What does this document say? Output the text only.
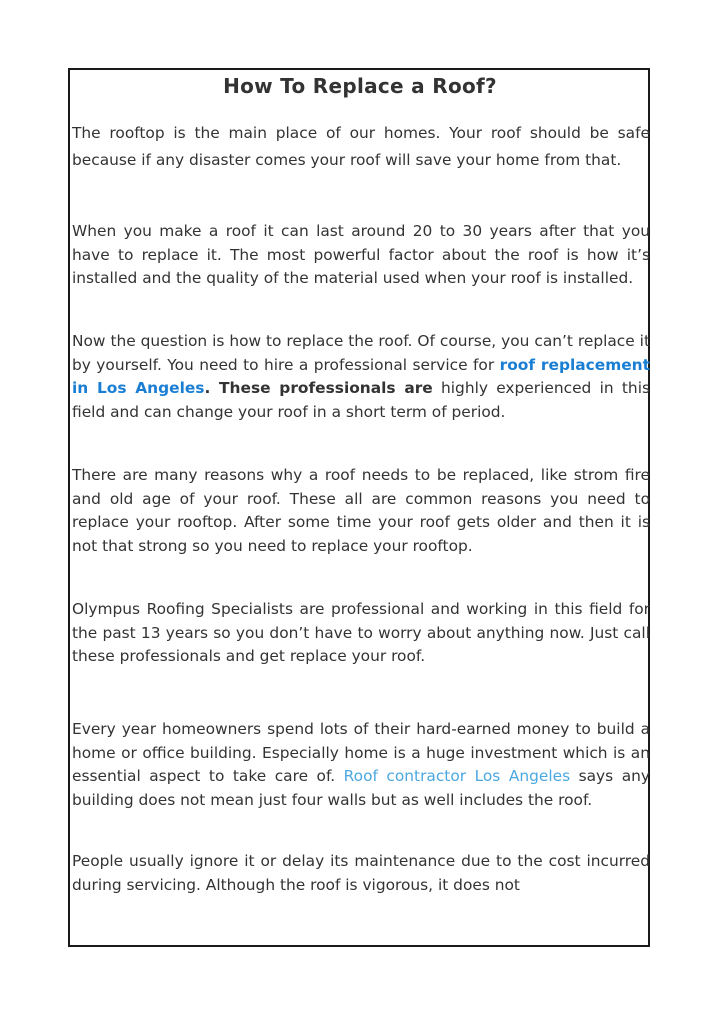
How To Replace a Roof?

The rooftop is the main place of our homes. Your roof should be safe because if any disaster comes your roof will save your home from that.

When you make a roof it can last around 20 to 30 years after that you have to replace it. The most powerful factor about the roof is how it’s installed and the quality of the material used when your roof is installed.

Now the question is how to replace the roof. Of course, you can’t replace it by yourself. You need to hire a professional service for roof replacement in Los Angeles. These professionals are highly experienced in this field and can change your roof in a short term of period.

There are many reasons why a roof needs to be replaced, like strom fire and old age of your roof. These all are common reasons you need to replace your rooftop. After some time your roof gets older and then it is not that strong so you need to replace your rooftop.

Olympus Roofing Specialists are professional and working in this field for the past 13 years so you don’t have to worry about anything now. Just call these professionals and get replace your roof.

Every year homeowners spend lots of their hard-earned money to build a home or office building. Especially home is a huge investment which is an essential aspect to take care of. Roof contractor Los Angeles says any building does not mean just four walls but as well includes the roof.

People usually ignore it or delay its maintenance due to the cost incurred during servicing. Although the roof is vigorous, it does not
